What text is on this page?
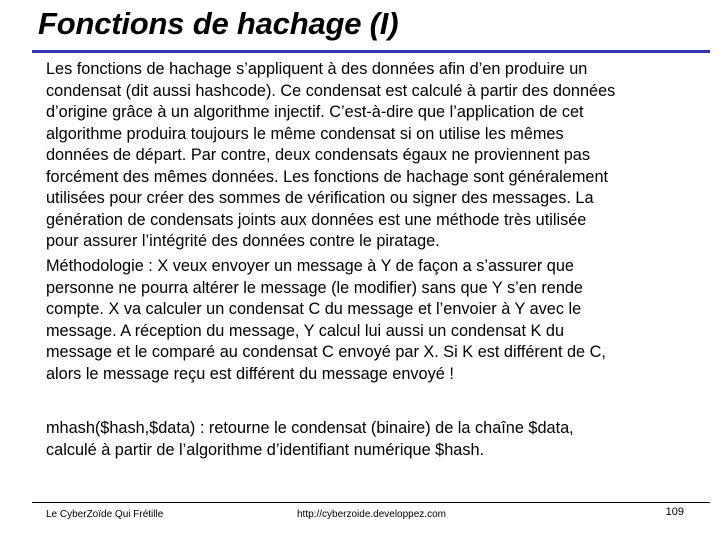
Fonctions de hachage (I)
Les fonctions de hachage s’appliquent à des données afin d’en produire un
condensat (dit aussi hashcode). Ce condensat est calculé à partir des données
d’origine grâce à un algorithme injectif. C’est-à-dire que l’application de cet
algorithme produira toujours le même condensat si on utilise les mêmes
données de départ. Par contre, deux condensats égaux ne proviennent pas
forcément des mêmes données. Les fonctions de hachage sont généralement
utilisées pour créer des sommes de vérification ou signer des messages. La
génération de condensats joints aux données est une méthode très utilisée
pour assurer l’intégrité des données contre le piratage.
Méthodologie : X veux envoyer un message à Y de façon a s’assurer que
personne ne pourra altérer le message (le modifier) sans que Y s’en rende
compte. X va calculer un condensat C du message et l’envoier à Y avec le
message. A réception du message, Y calcul lui aussi un condensat K du
message et le comparé au condensat C envoyé par X. Si K est différent de C,
alors le message reçu est différent du message envoyé !
mhash($hash,$data) : retourne le condensat (binaire) de la chaîne $data,
calculé à partir de l’algorithme d’identifiant numérique $hash.
Le CyberZoïde Qui Frétille	http://cyberzoide.developpez.com	109
